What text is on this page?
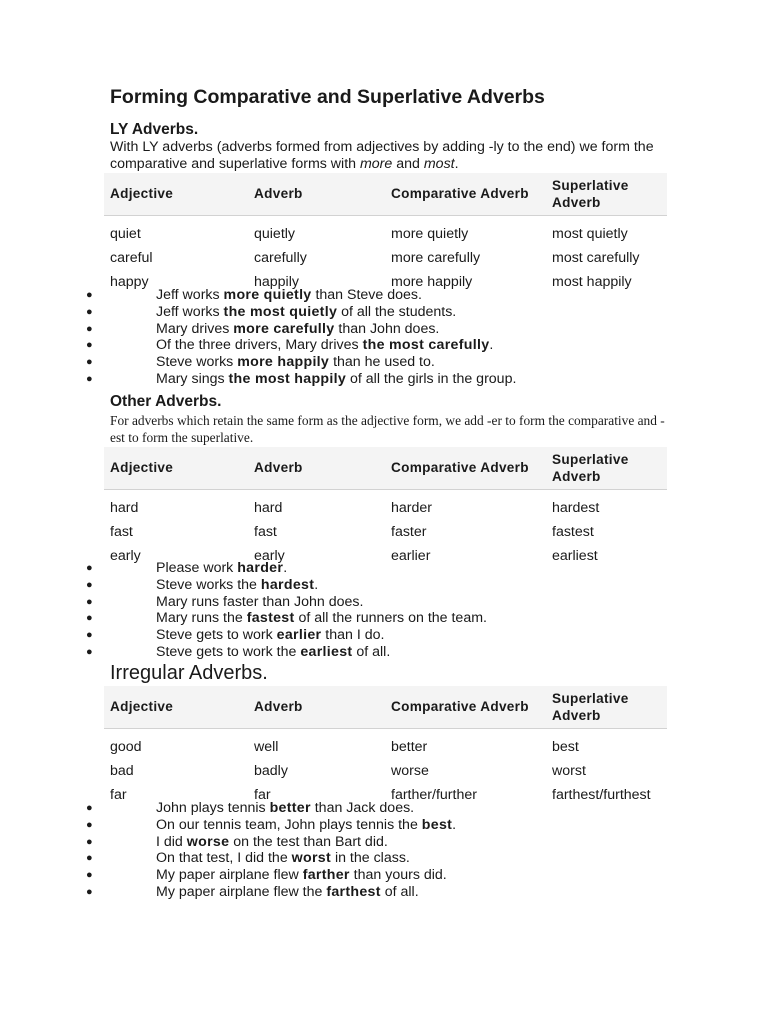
Forming Comparative and Superlative Adverbs
LY Adverbs.

With LY adverbs (adverbs formed from adjectives by adding -ly to the end) we form the comparative and superlative forms with more and most.

Adjective	Adverb	Comparative Adverb	Superlative Adverb
quiet	quietly	more quietly	most quietly
careful	carefully	more carefully	most carefully
happy	happily	more happily	most happily
●	Jeff works more quietly than Steve does.
●	Jeff works the most quietly of all the students.
●	Mary drives more carefully than John does.
●	Of the three drivers, Mary drives the most carefully.
●	Steve works more happily than he used to.
●	Mary sings the most happily of all the girls in the group.
Other Adverbs.

For adverbs which retain the same form as the adjective form, we add -er to form the comparative and -est to form the superlative.

Adjective	Adverb	Comparative Adverb	Superlative Adverb
hard	hard	harder	hardest
fast	fast	faster	fastest
early	early	earlier	earliest
●	Please work harder.
●	Steve works the hardest.
●	Mary runs faster than John does.
●	Mary runs the fastest of all the runners on the team.
●	Steve gets to work earlier than I do.
●	Steve gets to work the earliest of all.
Irregular Adverbs.
Adjective	Adverb	Comparative Adverb	Superlative Adverb
good	well	better	best
bad	badly	worse	worst
far	far	farther/further	farthest/furthest
●	John plays tennis better than Jack does.
●	On our tennis team, John plays tennis the best.
●	I did worse on the test than Bart did.
●	On that test, I did the worst in the class.
●	My paper airplane flew farther than yours did.
●	My paper airplane flew the farthest of all.
